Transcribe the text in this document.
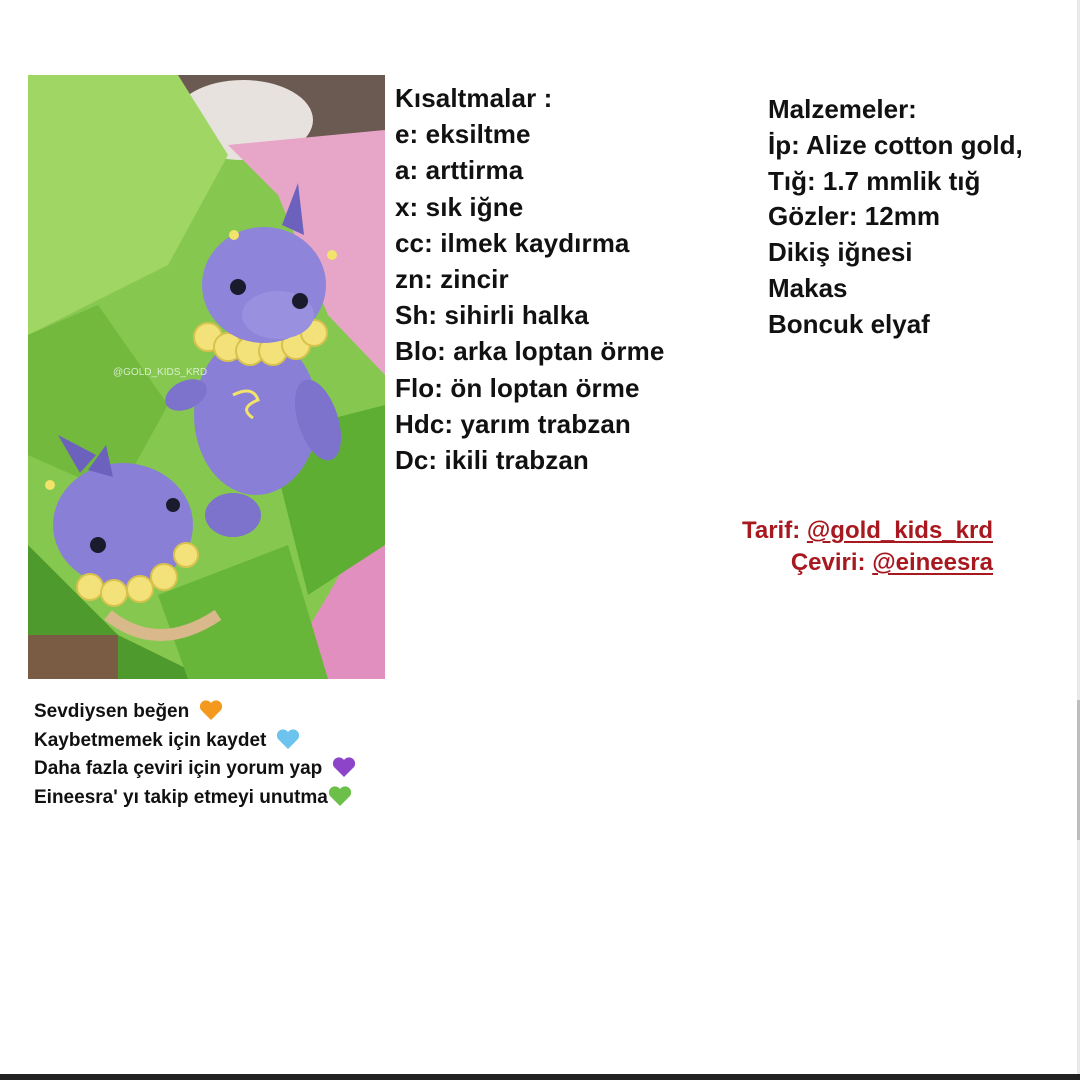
@GOLD_KIDS_KRD
Kısaltmalar :
e: eksiltme
a: arttirma
x: sık iğne
cc: ilmek kaydırma
zn: zincir
Sh: sihirli halka
Blo: arka loptan örme
Flo: ön loptan örme
Hdc: yarım trabzan
Dc: ikili trabzan
Malzemeler:
İp: Alize cotton gold,
Tığ: 1.7 mmlik tığ
Gözler: 12mm
Dikiş iğnesi
Makas
Boncuk elyaf
Tarif: @gold_kids_krd
Çeviri: @eineesra
Sevdiysen beğen
Kaybetmemek için kaydet
Daha fazla çeviri için yorum yap
Eineesra' yı takip etmeyi unutma
